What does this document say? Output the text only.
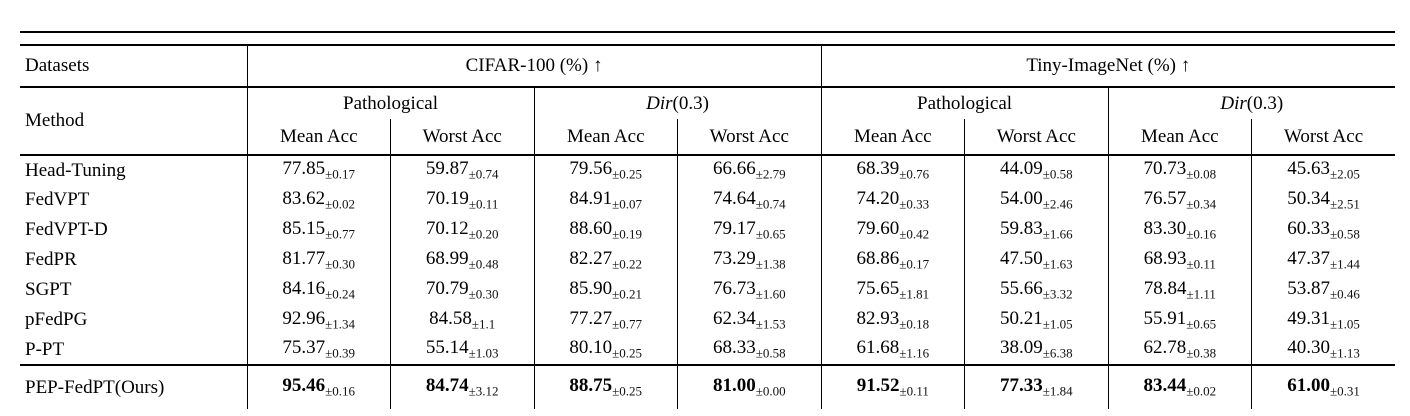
Datasets	CIFAR-100 (%) ↑				Tiny-ImageNet (%) ↑			
Method	Pathological		Dir(0.3)		Pathological		Dir(0.3)	
	Mean Acc	Worst Acc	Mean Acc	Worst Acc	Mean Acc	Worst Acc	Mean Acc	Worst Acc
Head-Tuning	$77.85_{\pm 0.17}$	$59.87_{\pm 0.74}$	$79.56_{\pm 0.25}$	$66.66_{\pm 2.79}$	$68.39_{\pm 0.76}$	$44.09_{\pm 0.58}$	$70.73_{\pm 0.08}$	$45.63_{\pm 2.05}$
FedVPT	$83.62_{\pm 0.02}$	$70.19_{\pm 0.11}$	$84.91_{\pm 0.07}$	$74.64_{\pm 0.74}$	$74.20_{\pm 0.33}$	$54.00_{\pm 2.46}$	$76.57_{\pm 0.34}$	$50.34_{\pm 2.51}$
FedVPT-D	$85.15_{\pm 0.77}$	$70.12_{\pm 0.20}$	$88.60_{\pm 0.19}$	$79.17_{\pm 0.65}$	$79.60_{\pm 0.42}$	$59.83_{\pm 1.66}$	$83.30_{\pm 0.16}$	$60.33_{\pm 0.58}$
FedPR	$81.77_{\pm 0.30}$	$68.99_{\pm 0.48}$	$82.27_{\pm 0.22}$	$73.29_{\pm 1.38}$	$68.86_{\pm 0.17}$	$47.50_{\pm 1.63}$	$68.93_{\pm 0.11}$	$47.37_{\pm 1.44}$
SGPT	$84.16_{\pm 0.24}$	$70.79_{\pm 0.30}$	$85.90_{\pm 0.21}$	$76.73_{\pm 1.60}$	$75.65_{\pm 1.81}$	$55.66_{\pm 3.32}$	$78.84_{\pm 1.11}$	$53.87_{\pm 0.46}$
pFedPG	$92.96_{\pm 1.34}$	$84.58_{\pm 1.1}$	$77.27_{\pm 0.77}$	$62.34_{\pm 1.53}$	$82.93_{\pm 0.18}$	$50.21_{\pm 1.05}$	$55.91_{\pm 0.65}$	$49.31_{\pm 1.05}$
P-PT	$75.37_{\pm 0.39}$	$55.14_{\pm 1.03}$	$80.10_{\pm 0.25}$	$68.33_{\pm 0.58}$	$61.68_{\pm 1.16}$	$38.09_{\pm 6.38}$	$62.78_{\pm 0.38}$	$40.30_{\pm 1.13}$
PEP-FedPT(Ours)	$95.46_{\pm 0.16}$	$84.74_{\pm 3.12}$	$88.75_{\pm 0.25}$	$81.00_{\pm 0.00}$	$91.52_{\pm 0.11}$	$77.33_{\pm 1.84}$	$83.44_{\pm 0.02}$	$61.00_{\pm 0.31}$
